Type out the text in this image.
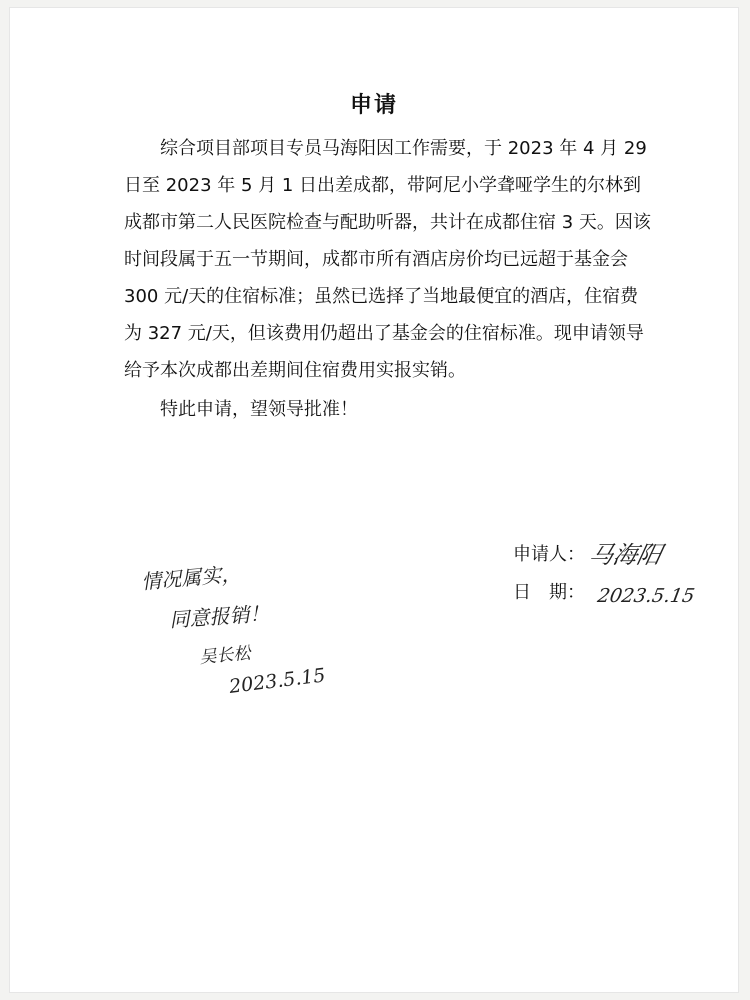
申请

综合项目部项目专员马海阳因工作需要，于 2023 年 4 月 29 日至 2023 年 5 月 1 日出差成都，带阿尼小学聋哑学生的尔林到成都市第二人民医院检查与配助听器，共计在成都住宿 3 天。因该时间段属于五一节期间，成都市所有酒店房价均已远超于基金会 300 元/天的住宿标准；虽然已选择了当地最便宜的酒店，住宿费为 327 元/天，但该费用仍超出了基金会的住宿标准。现申请领导给予本次成都出差期间住宿费用实报实销。

特此申请，望领导批准！

申请人： 马海阳
日　期： 2023.5.15
情况属实，
同意报销！
吴长松
2023.5.15
